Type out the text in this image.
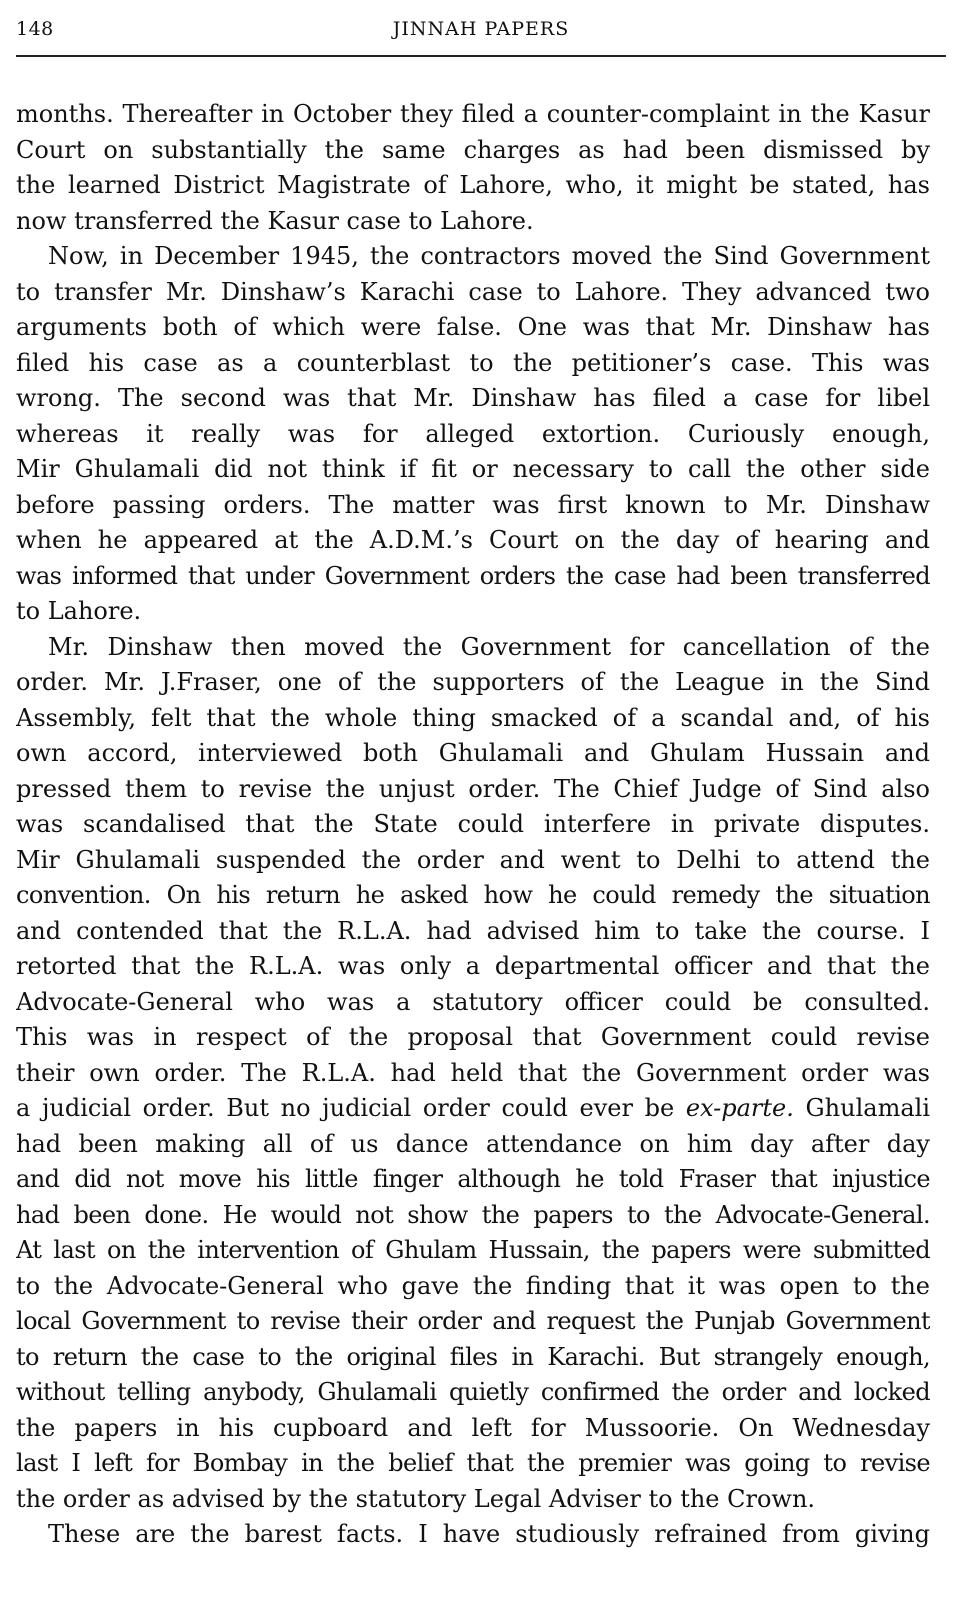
148	JINNAH PAPERS
months. Thereafter in October they filed a counter-complaint in the Kasur
Court on substantially the same charges as had been dismissed by
the learned District Magistrate of Lahore, who, it might be stated, has
now transferred the Kasur case to Lahore.
Now, in December 1945, the contractors moved the Sind Government
to transfer Mr. Dinshaw’s Karachi case to Lahore. They advanced two
arguments both of which were false. One was that Mr. Dinshaw has
filed his case as a counterblast to the petitioner’s case. This was
wrong. The second was that Mr. Dinshaw has filed a case for libel
whereas it really was for alleged extortion. Curiously enough,
Mir Ghulamali did not think if fit or necessary to call the other side
before passing orders. The matter was first known to Mr. Dinshaw
when he appeared at the A.D.M.’s Court on the day of hearing and
was informed that under Government orders the case had been transferred
to Lahore.
Mr. Dinshaw then moved the Government for cancellation of the
order. Mr. J.Fraser, one of the supporters of the League in the Sind
Assembly, felt that the whole thing smacked of a scandal and, of his
own accord, interviewed both Ghulamali and Ghulam Hussain and
pressed them to revise the unjust order. The Chief Judge of Sind also
was scandalised that the State could interfere in private disputes.
Mir Ghulamali suspended the order and went to Delhi to attend the
convention. On his return he asked how he could remedy the situation
and contended that the R.L.A. had advised him to take the course. I
retorted that the R.L.A. was only a departmental officer and that the
Advocate-General who was a statutory officer could be consulted.
This was in respect of the proposal that Government could revise
their own order. The R.L.A. had held that the Government order was
a judicial order. But no judicial order could ever be ex-parte. Ghulamali
had been making all of us dance attendance on him day after day
and did not move his little finger although he told Fraser that injustice
had been done. He would not show the papers to the Advocate-General.
At last on the intervention of Ghulam Hussain, the papers were submitted
to the Advocate-General who gave the finding that it was open to the
local Government to revise their order and request the Punjab Government
to return the case to the original files in Karachi. But strangely enough,
without telling anybody, Ghulamali quietly confirmed the order and locked
the papers in his cupboard and left for Mussoorie. On Wednesday
last I left for Bombay in the belief that the premier was going to revise
the order as advised by the statutory Legal Adviser to the Crown.
These are the barest facts. I have studiously refrained from giving
